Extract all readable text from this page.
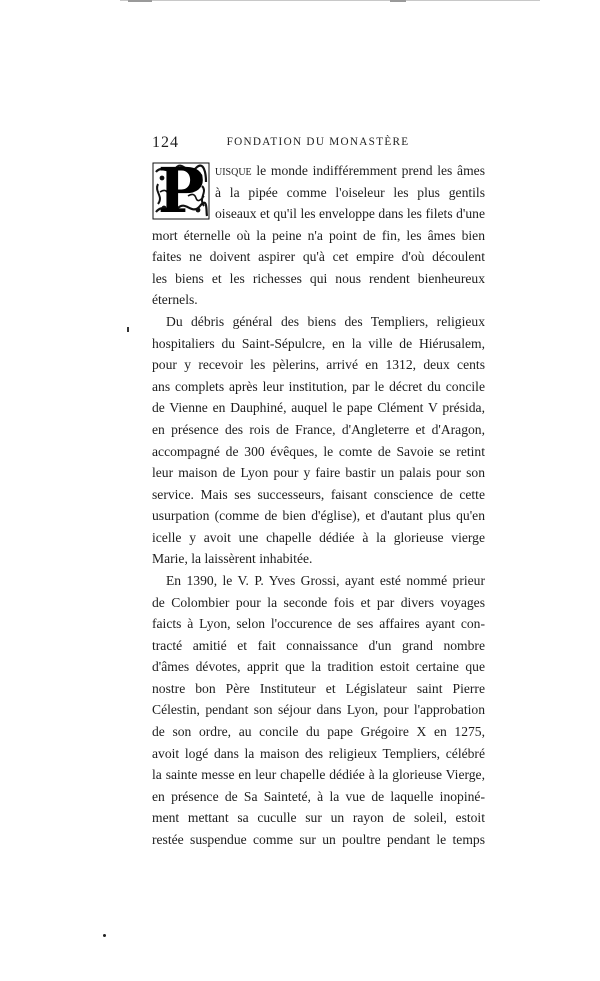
124	FONDATION DU MONASTÈRE
P uisque le monde indifféremment prend les âmes
à la pipée comme l'oiseleur les plus gentils
oiseaux et qu'il les enveloppe dans les filets d'une
mort éternelle où la peine n'a point de fin, les âmes bien
faites ne doivent aspirer qu'à cet empire d'où découlent
les biens et les richesses qui nous rendent bienheureux
éternels.
Du débris général des biens des Templiers, religieux
hospitaliers du Saint-Sépulcre, en la ville de Hiérusalem,
pour y recevoir les pèlerins, arrivé en 1312, deux cents
ans complets après leur institution, par le décret du concile
de Vienne en Dauphiné, auquel le pape Clément V présida,
en présence des rois de France, d'Angleterre et d'Aragon,
accompagné de 300 évêques, le comte de Savoie se retint
leur maison de Lyon pour y faire bastir un palais pour son
service. Mais ses successeurs, faisant conscience de cette
usurpation (comme de bien d'église), et d'autant plus qu'en
icelle y avoit une chapelle dédiée à la glorieuse vierge
Marie, la laissèrent inhabitée.
En 1390, le V. P. Yves Grossi, ayant esté nommé prieur
de Colombier pour la seconde fois et par divers voyages
faicts à Lyon, selon l'occurence de ses affaires ayant con-
tracté amitié et fait connaissance d'un grand nombre
d'âmes dévotes, apprit que la tradition estoit certaine que
nostre bon Père Instituteur et Législateur saint Pierre
Célestin, pendant son séjour dans Lyon, pour l'approbation
de son ordre, au concile du pape Grégoire X en 1275,
avoit logé dans la maison des religieux Templiers, célébré
la sainte messe en leur chapelle dédiée à la glorieuse Vierge,
en présence de Sa Sainteté, à la vue de laquelle inopiné-
ment mettant sa cuculle sur un rayon de soleil, estoit
restée suspendue comme sur un poultre pendant le temps
